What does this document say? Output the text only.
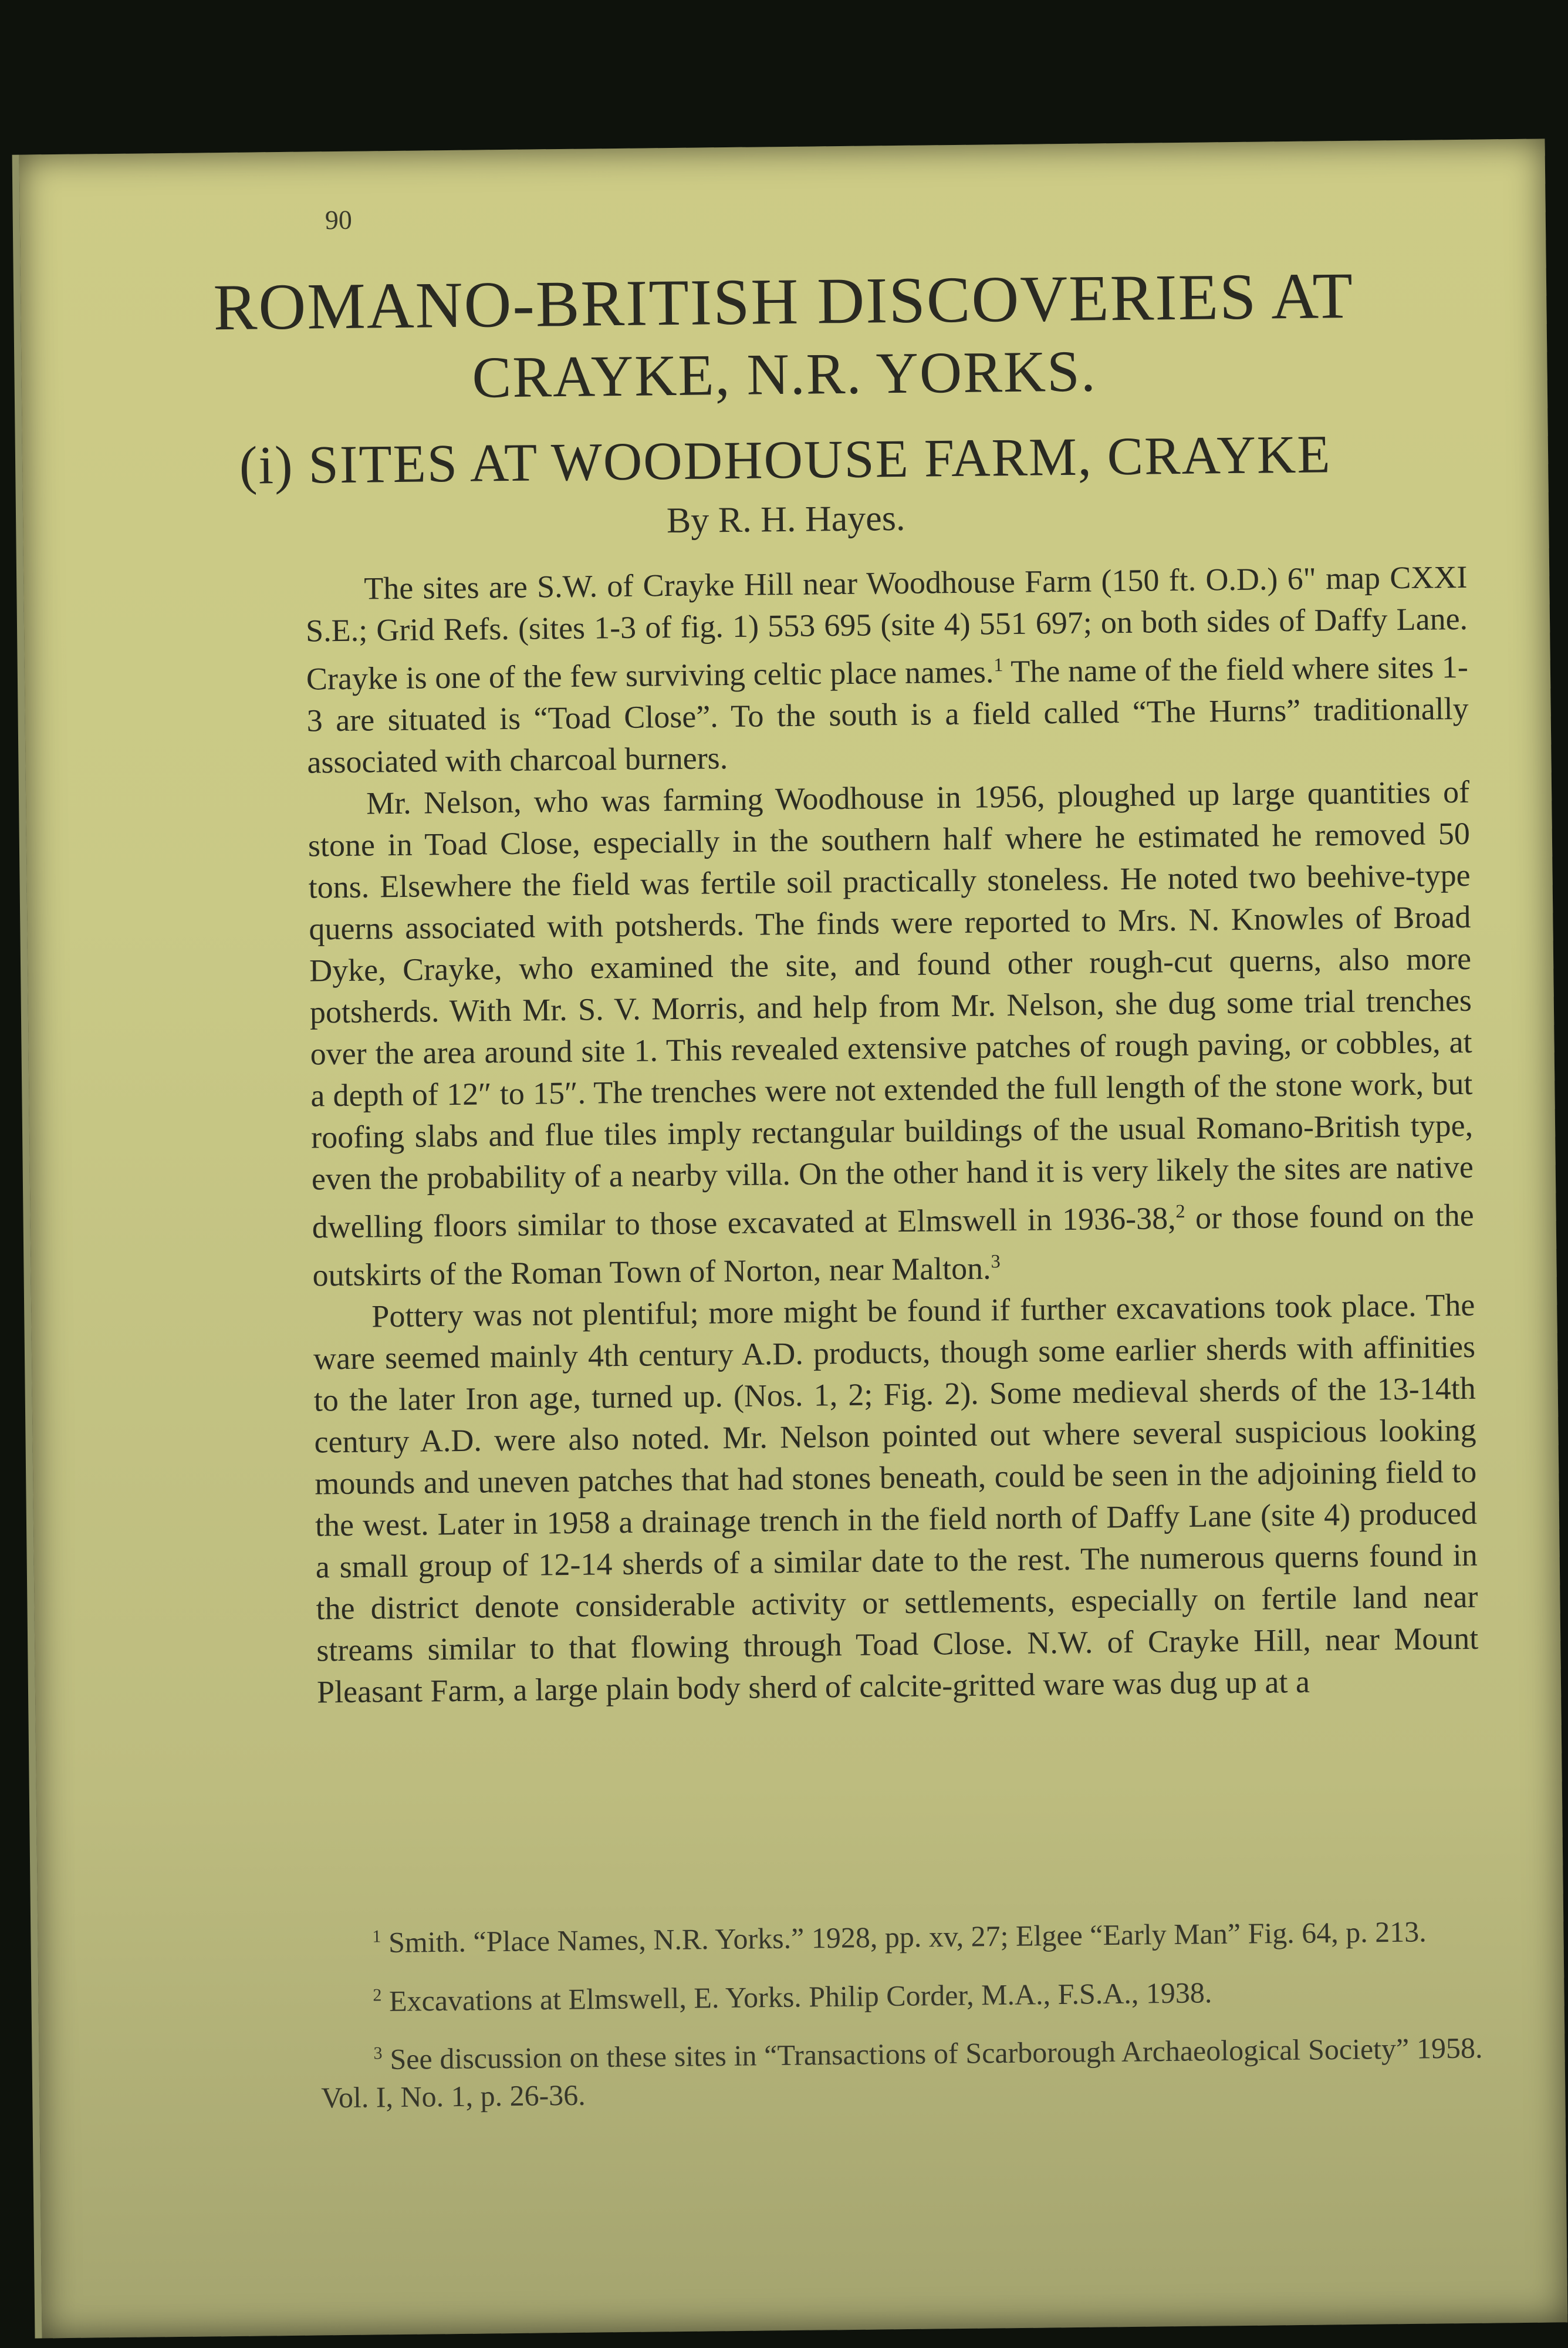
90
ROMANO-BRITISH DISCOVERIES AT
CRAYKE, N.R. YORKS.
(i) SITES AT WOODHOUSE FARM, CRAYKE
By R. H. Hayes.

The sites are S.W. of Crayke Hill near Woodhouse Farm (150 ft. O.D.) 6" map CXXI S.E.; Grid Refs. (sites 1-3 of fig. 1) 553 695 (site 4) 551 697; on both sides of Daffy Lane. Crayke is one of the few surviving celtic place names.$^1$ The name of the field where sites 1-3 are situated is “Toad Close”. To the south is a field called “The Hurns” traditionally associated with charcoal burners.

Mr. Nelson, who was farming Woodhouse in 1956, ploughed up large quantities of stone in Toad Close, especially in the southern half where he estimated he removed 50 tons. Elsewhere the field was fertile soil practically stoneless. He noted two beehive-type querns associated with potsherds. The finds were reported to Mrs. N. Knowles of Broad Dyke, Crayke, who examined the site, and found other rough-cut querns, also more potsherds. With Mr. S. V. Morris, and help from Mr. Nelson, she dug some trial trenches over the area around site 1. This revealed extensive patches of rough paving, or cobbles, at a depth of 12″ to 15″. The trenches were not extended the full length of the stone work, but roofing slabs and flue tiles imply rectangular buildings of the usual Romano-British type, even the probability of a nearby villa. On the other hand it is very likely the sites are native dwelling floors similar to those excavated at Elmswell in 1936-38,$^2$ or those found on the outskirts of the Roman Town of Norton, near Malton.$^3$

Pottery was not plentiful; more might be found if further excavations took place. The ware seemed mainly 4th century A.D. products, though some earlier sherds with affinities to the later Iron age, turned up. (Nos. 1, 2; Fig. 2). Some medieval sherds of the 13-14th century A.D. were also noted. Mr. Nelson pointed out where several suspicious looking mounds and uneven patches that had stones beneath, could be seen in the adjoining field to the west. Later in 1958 a drainage trench in the field north of Daffy Lane (site 4) produced a small group of 12-14 sherds of a similar date to the rest. The numerous querns found in the district denote considerable activity or settlements, especially on fertile land near streams similar to that flowing through Toad Close. N.W. of Crayke Hill, near Mount Pleasant Farm, a large plain body sherd of calcite-gritted ware was dug up at a

$^1$ Smith. “Place Names, N.R. Yorks.” 1928, pp. xv, 27; Elgee “Early Man” Fig. 64, p. 213.

$^2$ Excavations at Elmswell, E. Yorks. Philip Corder, M.A., F.S.A., 1938.

$^3$ See discussion on these sites in “Transactions of Scarborough Archaeological Society” 1958. Vol. I, No. 1, p. 26-36.
